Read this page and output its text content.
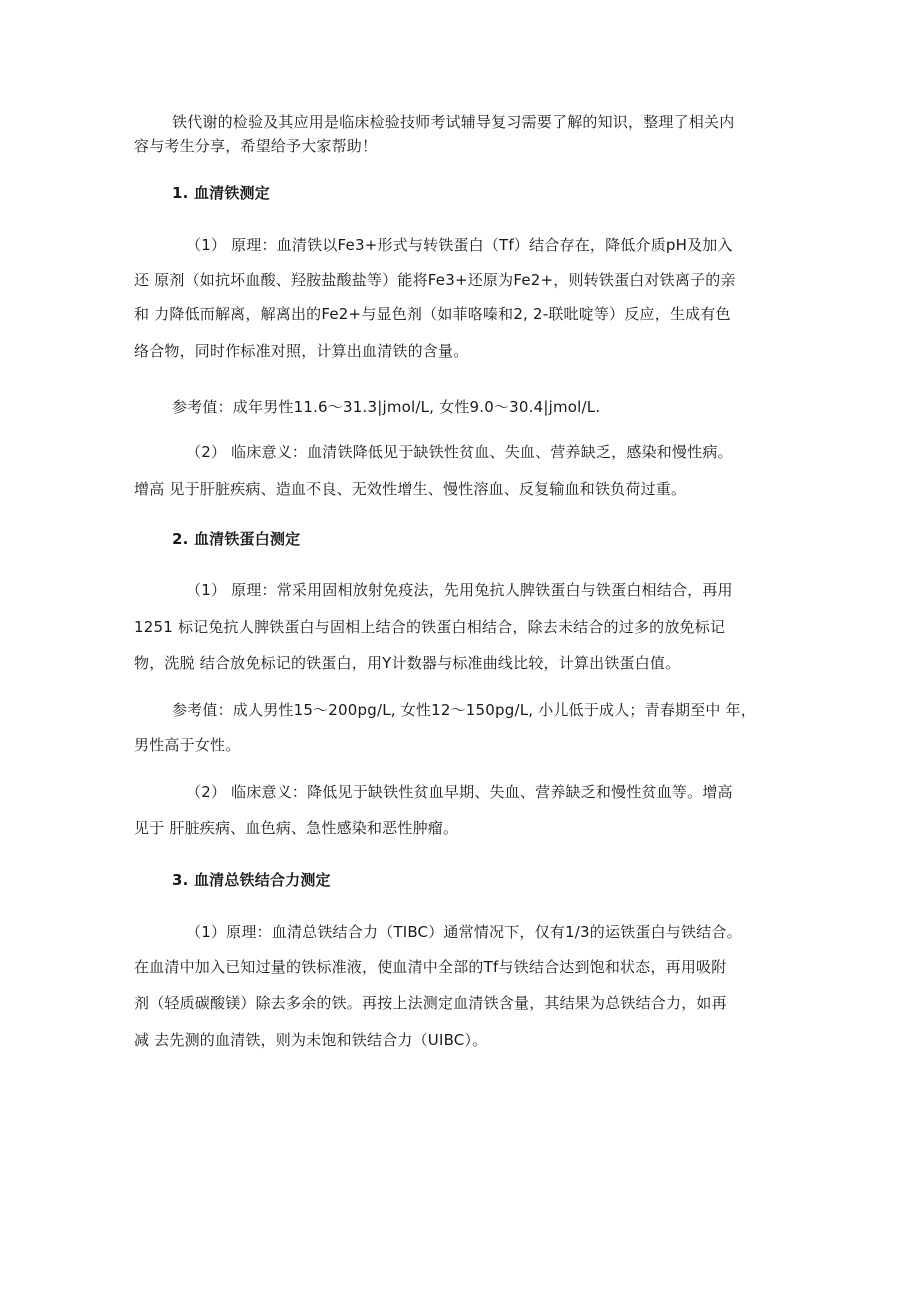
铁代谢的检验及其应用是临床检验技师考试辅导复习需要了解的知识，整理了相关内
容与考生分享，希望给予大家帮助！
1. 血清铁测定
（1） 原理：血清铁以Fe3+形式与转铁蛋白（Tf）结合存在，降低介质pH及加入
还 原剂（如抗坏血酸、羟胺盐酸盐等）能将Fe3+还原为Fe2+，则转铁蛋白对铁离子的亲
和 力降低而解离，解离出的Fe2+与显色剂（如菲咯嗪和2, 2-联吡啶等）反应，生成有色
络合物，同时作标准对照，计算出血清铁的含量。
参考值：成年男性11.6〜31.3|jmol/L, 女性9.0〜30.4|jmol/L.
（2） 临床意义：血清铁降低见于缺铁性贫血、失血、营养缺乏，感染和慢性病。
增高 见于肝脏疾病、造血不良、无效性增生、慢性溶血、反复输血和铁负荷过重。
2. 血清铁蛋白测定
（1） 原理：常采用固相放射免疫法，先用兔抗人脾铁蛋白与铁蛋白相结合，再用
1251 标记兔抗人脾铁蛋白与固相上结合的铁蛋白相结合，除去未结合的过多的放免标记
物，洗脱 结合放免标记的铁蛋白，用Y计数器与标准曲线比较，计算出铁蛋白值。
参考值：成人男性15〜200pg/L, 女性12〜150pg/L, 小儿低于成人；青春期至中 年，
男性高于女性。
（2） 临床意义：降低见于缺铁性贫血早期、失血、营养缺乏和慢性贫血等。增高
见于 肝脏疾病、血色病、急性感染和恶性肿瘤。
3. 血清总铁结合力测定
（1）原理：血清总铁结合力（TIBC）通常情况下，仅有1/3的运铁蛋白与铁结合。
在血清中加入已知过量的铁标准液，使血清中全部的Tf与铁结合达到饱和状态，再用吸附
剂（轻质碳酸镁）除去多余的铁。再按上法测定血清铁含量，其结果为总铁结合力，如再
减 去先测的血清铁，则为未饱和铁结合力（UIBC）。
